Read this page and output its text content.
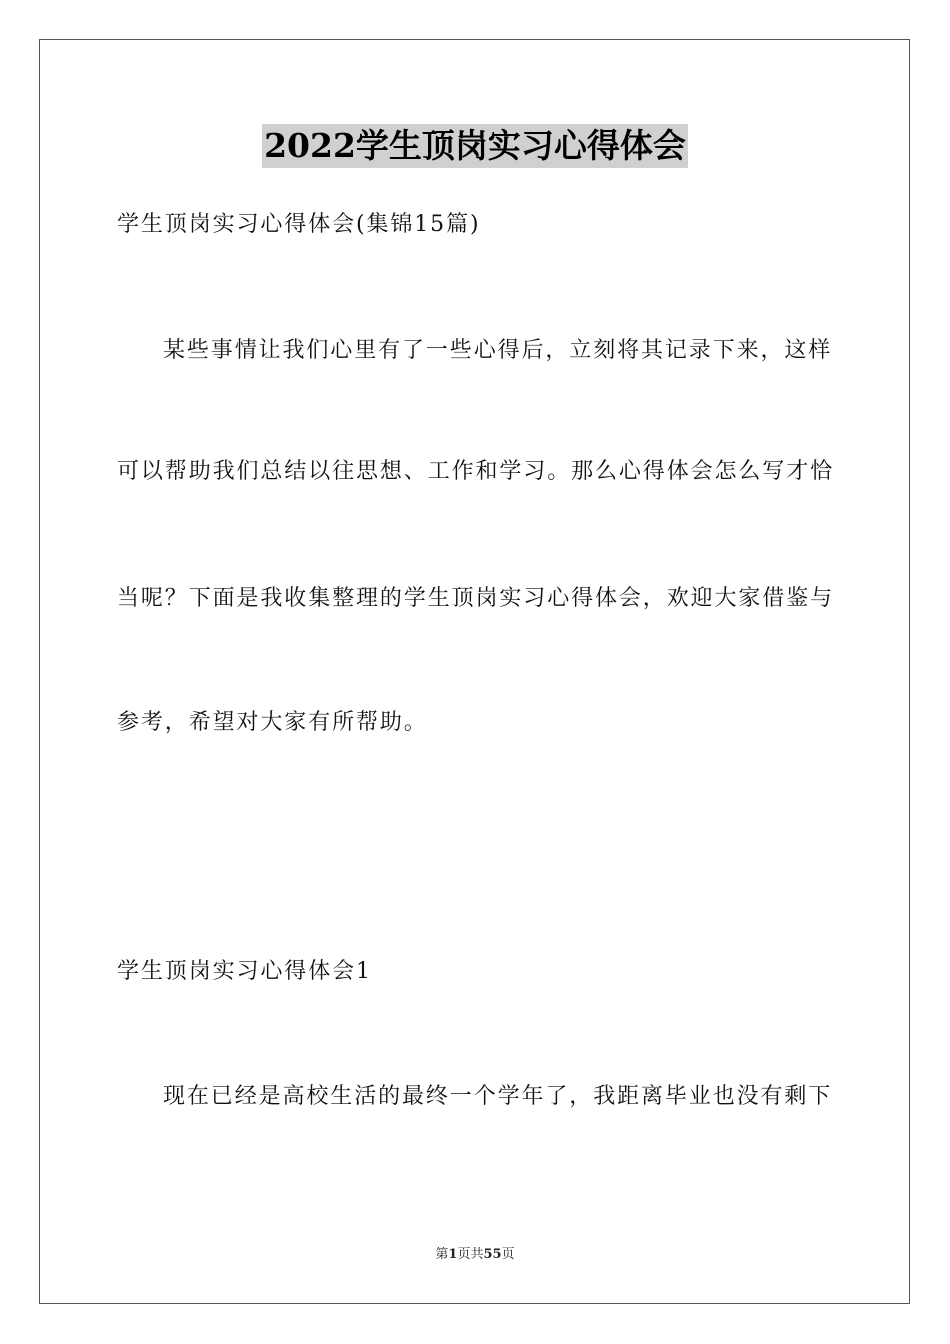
2022学生顶岗实习心得体会
学生顶岗实习心得体会(集锦15篇)
某些事情让我们心里有了一些心得后，立刻将其记录下来，这样
可以帮助我们总结以往思想、工作和学习。那么心得体会怎么写才恰
当呢？下面是我收集整理的学生顶岗实习心得体会，欢迎大家借鉴与
参考，希望对大家有所帮助。
学生顶岗实习心得体会1
现在已经是高校生活的最终一个学年了，我距离毕业也没有剩下
第1页共55页
